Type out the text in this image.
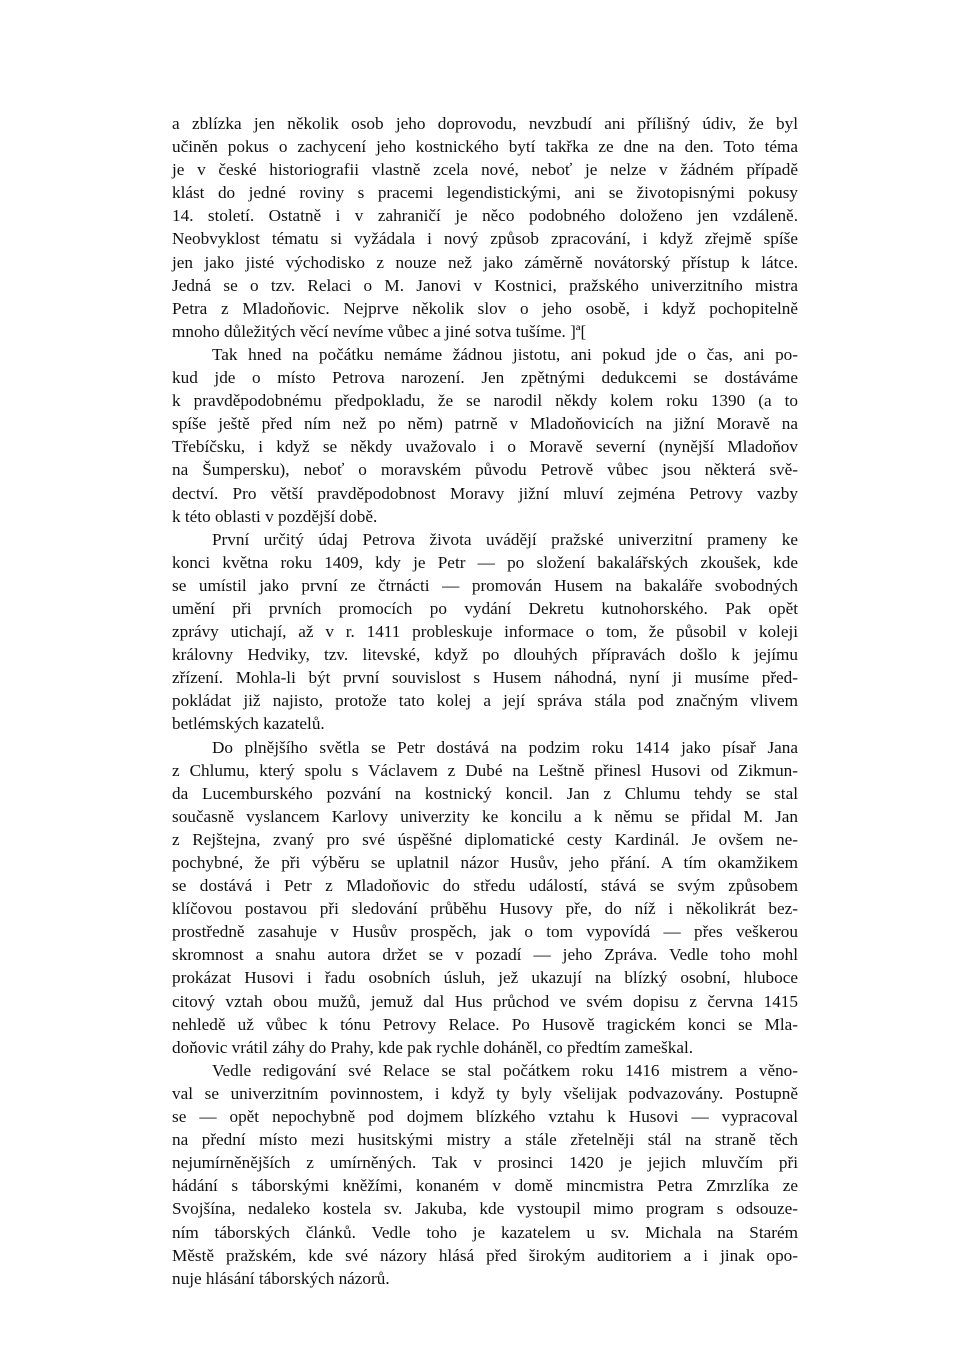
a zblízka jen několik osob jeho doprovodu, nevzbudí ani přílišný údiv, že byl
učiněn pokus o zachycení jeho kostnického bytí takřka ze dne na den. Toto téma
je v české historiografii vlastně zcela nové, neboť je nelze v žádném případě
klást do jedné roviny s pracemi legendistickými, ani se životopisnými pokusy
14. století. Ostatně i v zahraničí je něco podobného doloženo jen vzdáleně.
Neobvyklost tématu si vyžádala i nový způsob zpracování, i když zřejmě spíše
jen jako jisté východisko z nouze než jako záměrně novátorský přístup k látce.
Jedná se o tzv. Relaci o M. Janovi v Kostnici, pražského univerzitního mistra
Petra z Mladoňovic. Nejprve několik slov o jeho osobě, i když pochopitelně
mnoho důležitých věcí nevíme vůbec a jiné sotva tušíme. ]ª[
Tak hned na počátku nemáme žádnou jistotu, ani pokud jde o čas, ani po-
kud jde o místo Petrova narození. Jen zpětnými dedukcemi se dostáváme
k pravděpodobnému předpokladu, že se narodil někdy kolem roku 1390 (a to
spíše ještě před ním než po něm) patrně v Mladoňovicích na jižní Moravě na
Třebíčsku, i když se někdy uvažovalo i o Moravě severní (nynější Mladoňov
na Šumpersku), neboť o moravském původu Petrově vůbec jsou některá svě-
dectví. Pro větší pravděpodobnost Moravy jižní mluví zejména Petrovy vazby
k této oblasti v pozdější době.
První určitý údaj Petrova života uvádějí pražské univerzitní prameny ke
konci května roku 1409, kdy je Petr — po složení bakalářských zkoušek, kde
se umístil jako první ze čtrnácti — promován Husem na bakaláře svobodných
umění při prvních promocích po vydání Dekretu kutnohorského. Pak opět
zprávy utichají, až v r. 1411 probleskuje informace o tom, že působil v koleji
královny Hedviky, tzv. litevské, když po dlouhých přípravách došlo k jejímu
zřízení. Mohla-li být první souvislost s Husem náhodná, nyní ji musíme před-
pokládat již najisto, protože tato kolej a její správa stála pod značným vlivem
betlémských kazatelů.
Do plnějšího světla se Petr dostává na podzim roku 1414 jako písař Jana
z Chlumu, který spolu s Václavem z Dubé na Leštně přinesl Husovi od Zikmun-
da Lucemburského pozvání na kostnický koncil. Jan z Chlumu tehdy se stal
současně vyslancem Karlovy univerzity ke koncilu a k němu se přidal M. Jan
z Rejštejna, zvaný pro své úspěšné diplomatické cesty Kardinál. Je ovšem ne-
pochybné, že při výběru se uplatnil názor Husův, jeho přání. A tím okamžikem
se dostává i Petr z Mladoňovic do středu událostí, stává se svým způsobem
klíčovou postavou při sledování průběhu Husovy pře, do níž i několikrát bez-
prostředně zasahuje v Husův prospěch, jak o tom vypovídá — přes veškerou
skromnost a snahu autora držet se v pozadí — jeho Zpráva. Vedle toho mohl
prokázat Husovi i řadu osobních úsluh, jež ukazují na blízký osobní, hluboce
citový vztah obou mužů, jemuž dal Hus průchod ve svém dopisu z června 1415
nehledě už vůbec k tónu Petrovy Relace. Po Husově tragickém konci se Mla-
doňovic vrátil záhy do Prahy, kde pak rychle doháněl, co předtím zameškal.
Vedle redigování své Relace se stal počátkem roku 1416 mistrem a věno-
val se univerzitním povinnostem, i když ty byly všelijak podvazovány. Postupně
se — opět nepochybně pod dojmem blízkého vztahu k Husovi — vypracoval
na přední místo mezi husitskými mistry a stále zřetelněji stál na straně těch
nejumírněnějších z umírněných. Tak v prosinci 1420 je jejich mluvčím při
hádání s táborskými kněžími, konaném v domě mincmistra Petra Zmrzlíka ze
Svojšína, nedaleko kostela sv. Jakuba, kde vystoupil mimo program s odsouze-
ním táborských článků. Vedle toho je kazatelem u sv. Michala na Starém
Městě pražském, kde své názory hlásá před širokým auditoriem a i jinak opo-
nuje hlásání táborských názorů.
